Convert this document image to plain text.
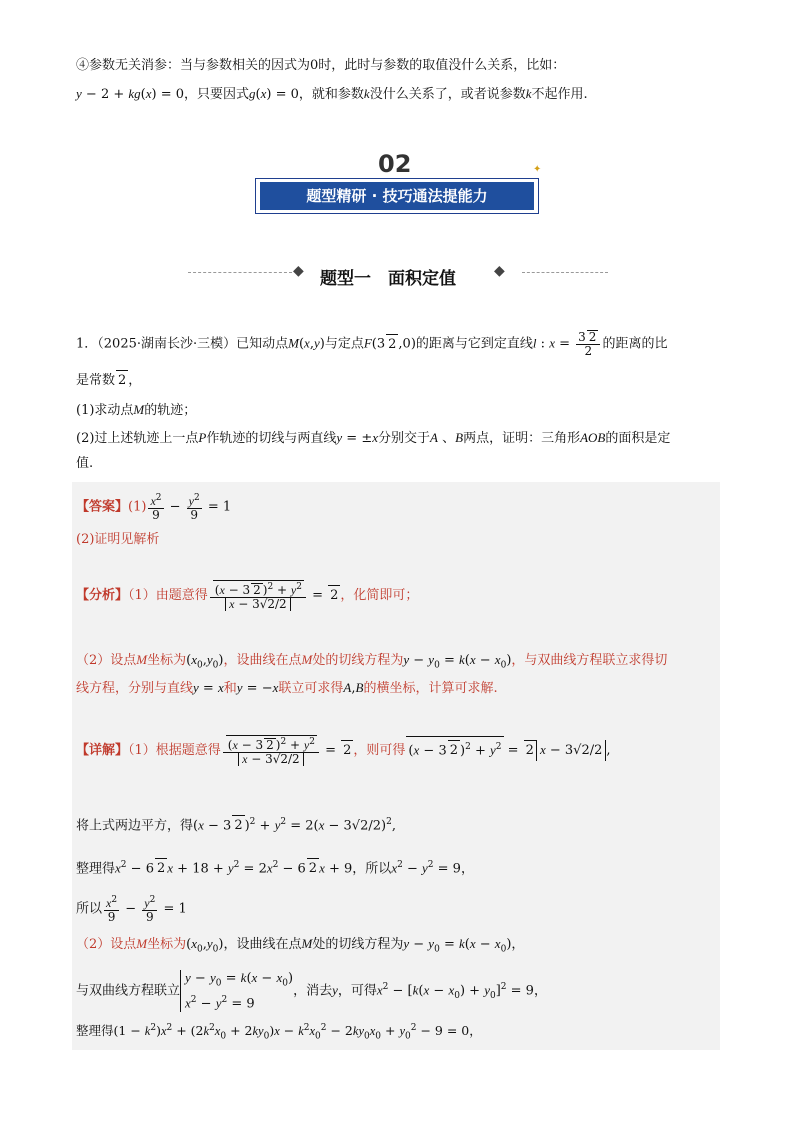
④参数无关消参：当与参数相关的因式为0时，此时与参数的取值没什么关系，比如：
y − 2 + kg(x) = 0，只要因式g(x) = 0，就和参数k没什么关系了，或者说参数k不起作用.
02	✦
题型精研 · 技巧通法提能力
◆ 题型一　面积定值	◆
1．（2025·湖南长沙·三模）已知动点M(x,y)与定点F(3 2 ,0)的距离与它到定直线l : $x = \frac{3 2}{2}$ 的距离的比
是常数 2 ，
(1)求动点M的轨迹；
(2)过上述轨迹上一点P作轨迹的切线与两直线y = ±x分别交于A 、B两点，证明：三角形AOB的面积是定
值.
【答案】$(1) \frac{x^2}{9} - \frac{y^2}{9} = 1$
(2)证明见解析
【分析】（1）由题意得 $\frac{(x - 3 2 )^2 + y^2}{x - 3√2/2} = 2$ ，化简即可；
（2）设点M坐标为$(x_0,y_0)$，设曲线在点M处的切线方程为$y - y_0 = k(x - x_0)$，与双曲线方程联立求得切
线方程，分别与直线y = x和y = −x联立可求得A,B的横坐标，计算可求解.
【详解】（1）根据题意得 $\frac{(x - 3 2 )^2 + y^2}{x - 3√2/2} = 2$ ，则可得 (x − 3 2 )$^2 + y^2 = 2$ x − 3√2/2 ,
将上式两边平方，得(x − 3 2 )$^2 + y^2 = 2(x - 3√2/2)^2$,
整理得$x^2 - 6$ 2 $x + 18 + y^2 = 2x^2 - 6$ 2 x + 9，所以$x^2 - y^2 = 9$，
所以 $\frac{x^2}{9} - \frac{y^2}{9} = 1$
（2）设点M坐标为$(x_0,y_0)$，设曲线在点M处的切线方程为$y - y_0 = k(x - x_0)$，
与双曲线方程联立$y - y_0 = k(x - x_0)$
$x^2 - y^2 = 9$，消去y，可得$x^2 - [k(x - x_0) + y_0]^2 = 9$，
整理得$(1 - k^2)x^2 + (2k^2x_0 + 2ky_0)x - k^2x_0^2 - 2ky_0x_0 + y_0^2 - 9 = 0$，
